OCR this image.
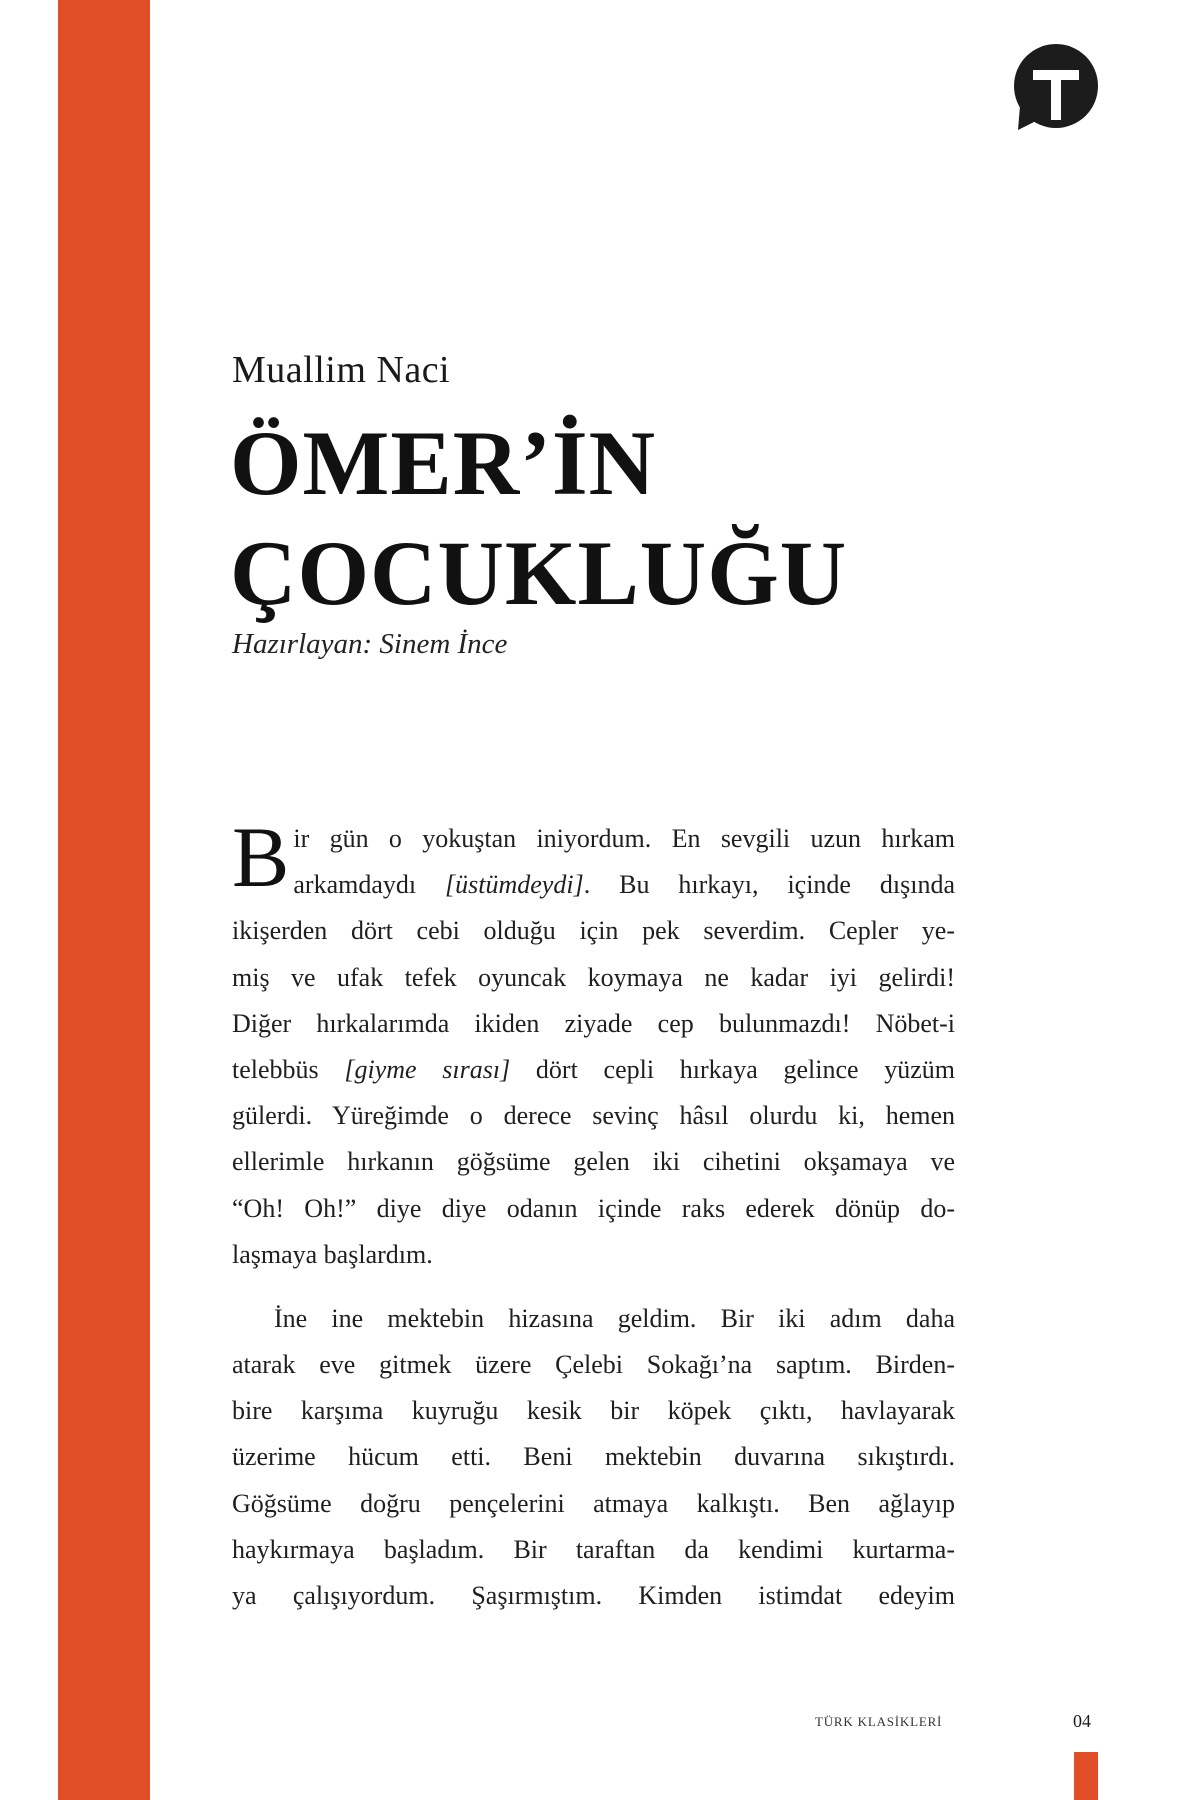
Muallim Naci
ÖMER’İN
ÇOCUKLUĞU
Hazırlayan: Sinem İnce
B ir gün o yokuştan iniyordum. En sevgili uzun hırkam
arkamdaydı [üstümdeydi]. Bu hırkayı, içinde dışında
ikişerden dört cebi olduğu için pek severdim. Cepler ye-
miş ve ufak tefek oyuncak koymaya ne kadar iyi gelirdi!
Diğer hırkalarımda ikiden ziyade cep bulunmazdı! Nöbet-i
telebbüs [giyme sırası] dört cepli hırkaya gelince yüzüm
gülerdi. Yüreğimde o derece sevinç hâsıl olurdu ki, hemen
ellerimle hırkanın göğsüme gelen iki cihetini okşamaya ve
“Oh! Oh!” diye diye odanın içinde raks ederek dönüp do-
laşmaya başlardım.
İne ine mektebin hizasına geldim. Bir iki adım daha
atarak eve gitmek üzere Çelebi Sokağı’na saptım. Birden-
bire karşıma kuyruğu kesik bir köpek çıktı, havlayarak
üzerime hücum etti. Beni mektebin duvarına sıkıştırdı.
Göğsüme doğru pençelerini atmaya kalkıştı. Ben ağlayıp
haykırmaya başladım. Bir taraftan da kendimi kurtarma-
ya çalışıyordum. Şaşırmıştım. Kimden istimdat edeyim
TÜRK KLASİKLERİ	04
